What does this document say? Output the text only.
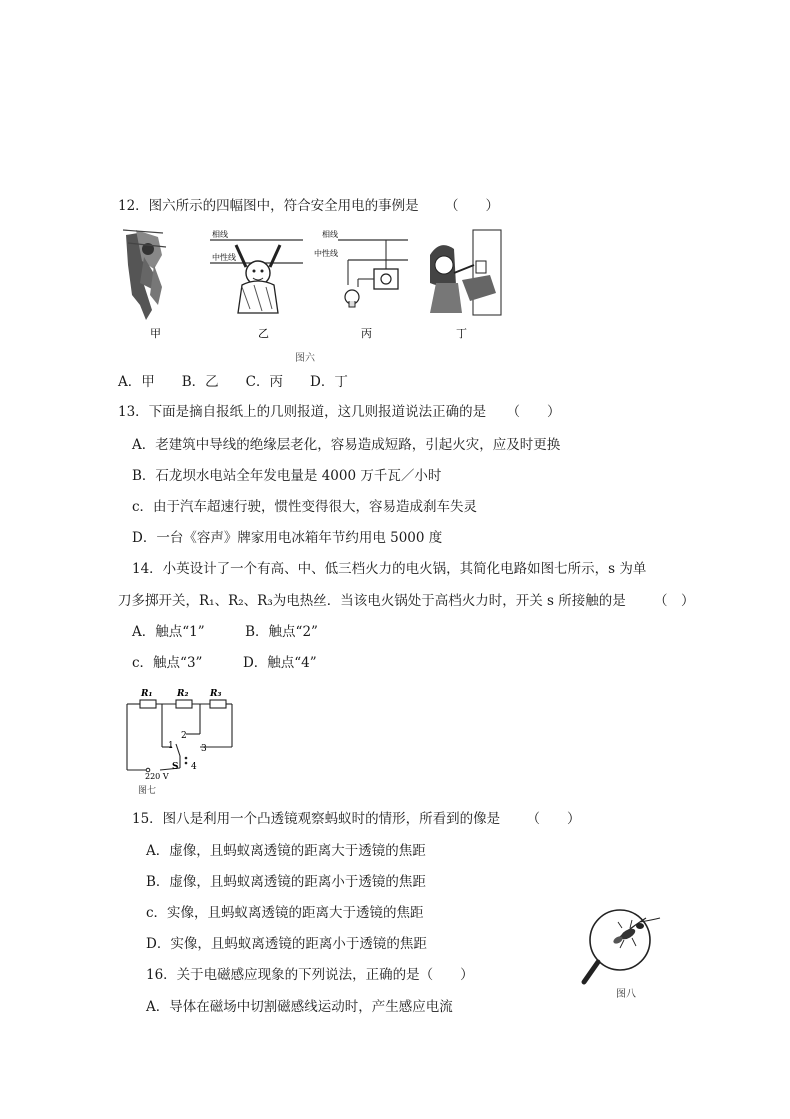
12．图六所示的四幅图中，符合安全用电的事例是 （　　）
相线
中性线
相线
中性线
甲	乙	丙	丁
图六
A．甲　　B．乙　　C．丙　　D．丁
13．下面是摘自报纸上的几则报道，这几则报道说法正确的是 （　　）
A．老建筑中导线的绝缘层老化，容易造成短路，引起火灾，应及时更换
B．石龙坝水电站全年发电量是 4000 万千瓦／小时
c．由于汽车超速行驶，惯性变得很大，容易造成刹车失灵
D．一台《容声》牌家用电冰箱年节约用电 5000 度
14．小英设计了一个有高、中、低三档火力的电火锅，其简化电路如图七所示，s 为单
刀多掷开关，R₁、R₂、R₃为电热丝．当该电火锅处于高档火力时，开关 s 所接触的是 （　）
A．触点“1”　　　B．触点“2”
c．触点“3”　　　D．触点“4”
R₁	R₂ R₃
1
2
3
4
S
220 V
图七
15．图八是利用一个凸透镜观察蚂蚁时的情形，所看到的像是 （　　）
A．虚像，且蚂蚁离透镜的距离大于透镜的焦距
B．虚像，且蚂蚁离透镜的距离小于透镜的焦距
c．实像，且蚂蚁离透镜的距离大于透镜的焦距
D．实像，且蚂蚁离透镜的距离小于透镜的焦距
图八
16．关于电磁感应现象的下列说法，正确的是（　　）
A．导体在磁场中切割磁感线运动时，产生感应电流
